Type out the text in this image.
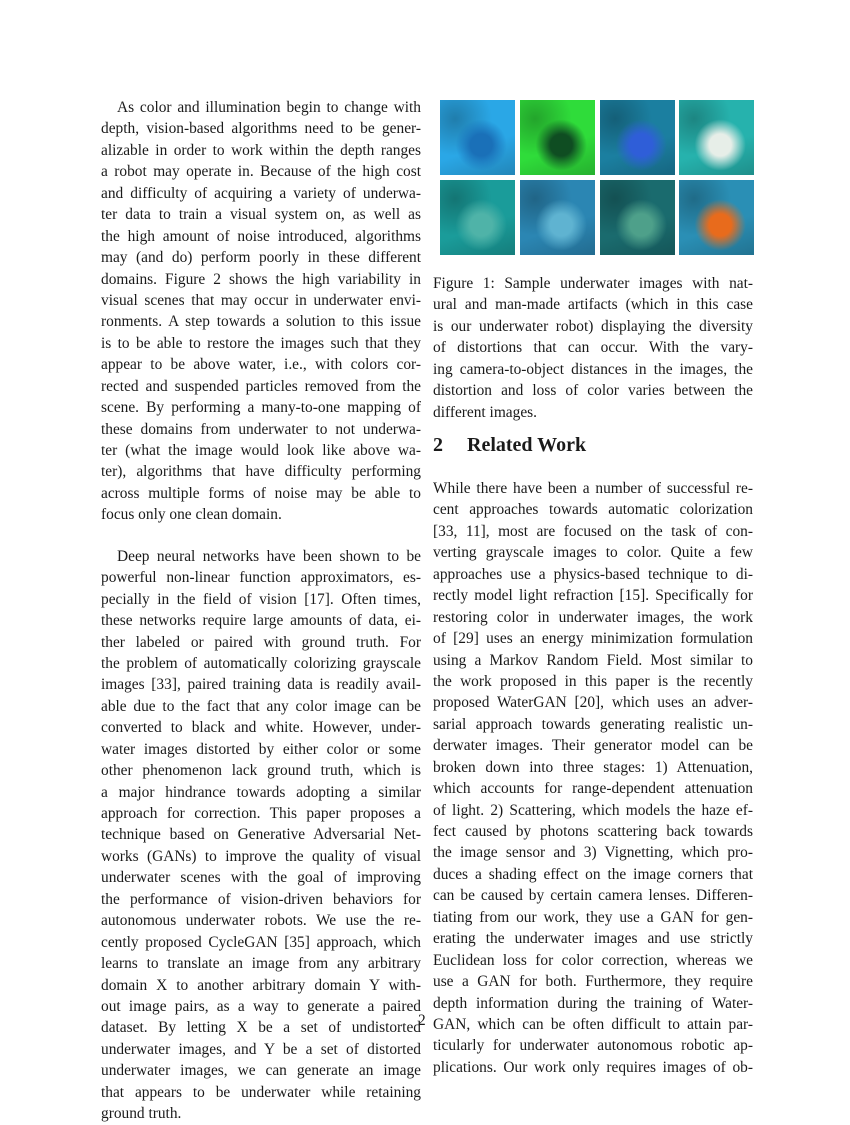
As color and illumination begin to change with
depth, vision-based algorithms need to be gener-
alizable in order to work within the depth ranges
a robot may operate in. Because of the high cost
and difficulty of acquiring a variety of underwa-
ter data to train a visual system on, as well as
the high amount of noise introduced, algorithms
may (and do) perform poorly in these different
domains. Figure 2 shows the high variability in
visual scenes that may occur in underwater envi-
ronments. A step towards a solution to this issue
is to be able to restore the images such that they
appear to be above water, i.e., with colors cor-
rected and suspended particles removed from the
scene. By performing a many-to-one mapping of
these domains from underwater to not underwa-
ter (what the image would look like above wa-
ter), algorithms that have difficulty performing
across multiple forms of noise may be able to
focus only one clean domain.
Deep neural networks have been shown to be
powerful non-linear function approximators, es-
pecially in the field of vision [17]. Often times,
these networks require large amounts of data, ei-
ther labeled or paired with ground truth. For
the problem of automatically colorizing grayscale
images [33], paired training data is readily avail-
able due to the fact that any color image can be
converted to black and white. However, under-
water images distorted by either color or some
other phenomenon lack ground truth, which is
a major hindrance towards adopting a similar
approach for correction. This paper proposes a
technique based on Generative Adversarial Net-
works (GANs) to improve the quality of visual
underwater scenes with the goal of improving
the performance of vision-driven behaviors for
autonomous underwater robots. We use the re-
cently proposed CycleGAN [35] approach, which
learns to translate an image from any arbitrary
domain X to another arbitrary domain Y with-
out image pairs, as a way to generate a paired
dataset. By letting X be a set of undistorted
underwater images, and Y be a set of distorted
underwater images, we can generate an image
that appears to be underwater while retaining
ground truth.
Figure 1: Sample underwater images with nat-
ural and man-made artifacts (which in this case
is our underwater robot) displaying the diversity
of distortions that can occur. With the vary-
ing camera-to-object distances in the images, the
distortion and loss of color varies between the
different images.
2 Related Work
While there have been a number of successful re-
cent approaches towards automatic colorization
[33, 11], most are focused on the task of con-
verting grayscale images to color. Quite a few
approaches use a physics-based technique to di-
rectly model light refraction [15]. Specifically for
restoring color in underwater images, the work
of [29] uses an energy minimization formulation
using a Markov Random Field. Most similar to
the work proposed in this paper is the recently
proposed WaterGAN [20], which uses an adver-
sarial approach towards generating realistic un-
derwater images. Their generator model can be
broken down into three stages: 1) Attenuation,
which accounts for range-dependent attenuation
of light. 2) Scattering, which models the haze ef-
fect caused by photons scattering back towards
the image sensor and 3) Vignetting, which pro-
duces a shading effect on the image corners that
can be caused by certain camera lenses. Differen-
tiating from our work, they use a GAN for gen-
erating the underwater images and use strictly
Euclidean loss for color correction, whereas we
use a GAN for both. Furthermore, they require
depth information during the training of Water-
GAN, which can be often difficult to attain par-
ticularly for underwater autonomous robotic ap-
plications. Our work only requires images of ob-
2
